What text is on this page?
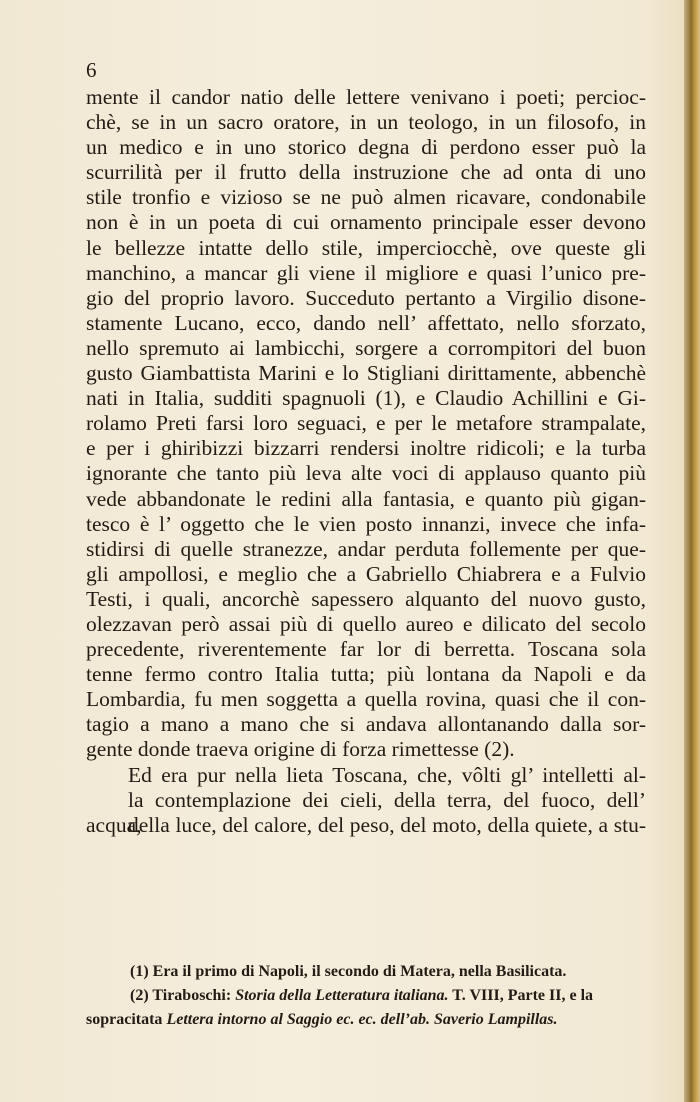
6

mente il candor natio delle lettere venivano i poeti; percioc-
chè, se in un sacro oratore, in un teologo, in un filosofo, in
un medico e in uno storico degna di perdono esser può la
scurrilità per il frutto della instruzione che ad onta di uno
stile tronfio e vizioso se ne può almen ricavare, condonabile
non è in un poeta di cui ornamento principale esser devono
le bellezze intatte dello stile, imperciocchè, ove queste gli
manchino, a mancar gli viene il migliore e quasi l’unico pre-
gio del proprio lavoro. Succeduto pertanto a Virgilio disone-
stamente Lucano, ecco, dando nell’ affettato, nello sforzato,
nello spremuto ai lambicchi, sorgere a corrompitori del buon
gusto Giambattista Marini e lo Stigliani dirittamente, abbenchè
nati in Italia, sudditi spagnuoli (1), e Claudio Achillini e Gi-
rolamo Preti farsi loro seguaci, e per le metafore strampalate,
e per i ghiribizzi bizzarri rendersi inoltre ridicoli; e la turba
ignorante che tanto più leva alte voci di applauso quanto più
vede abbandonate le redini alla fantasia, e quanto più gigan-
tesco è l’ oggetto che le vien posto innanzi, invece che infa-
stidirsi di quelle stranezze, andar perduta follemente per que-
gli ampollosi, e meglio che a Gabriello Chiabrera e a Fulvio
Testi, i quali, ancorchè sapessero alquanto del nuovo gusto,
olezzavan però assai più di quello aureo e dilicato del secolo
precedente, riverentemente far lor di berretta. Toscana sola
tenne fermo contro Italia tutta; più lontana da Napoli e da
Lombardia, fu men soggetta a quella rovina, quasi che il con-
tagio a mano a mano che si andava allontanando dalla sor-
gente donde traeva origine di forza rimettesse (2).

Ed era pur nella lieta Toscana, che, vôlti gl’ intelletti al-
la contemplazione dei cieli, della terra, del fuoco, dell’ acqua,
della luce, del calore, del peso, del moto, della quiete, a stu-

(1) Era il primo di Napoli, il secondo di Matera, nella Basilicata.

(2) Tiraboschi: Storia della Letteratura italiana. T. VIII, Parte II, e la sopracitata Lettera intorno al Saggio ec. ec. dell’ab. Saverio Lampillas.
